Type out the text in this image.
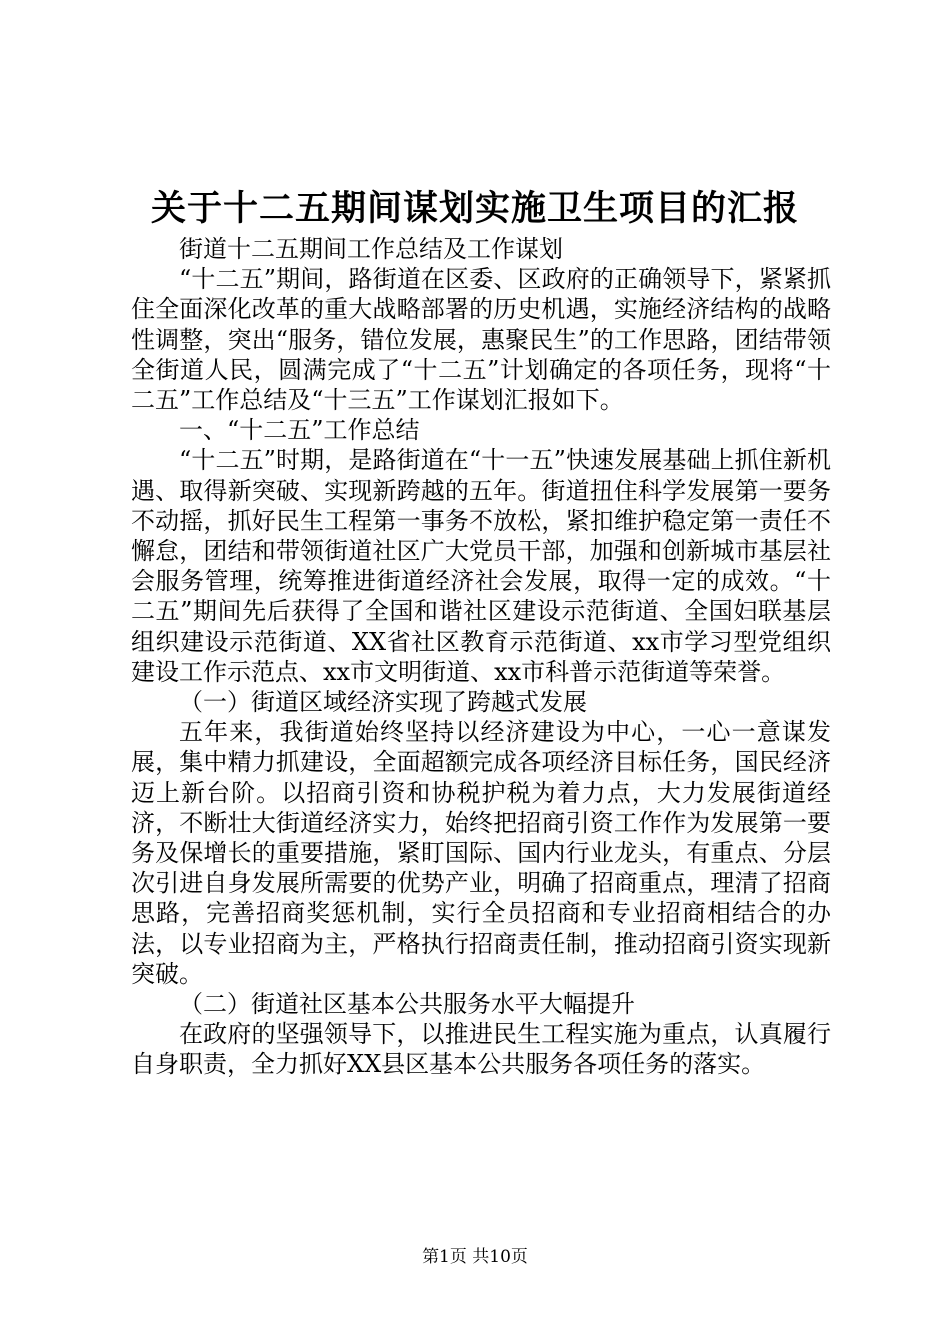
关于十二五期间谋划实施卫生项目的汇报

街道十二五期间工作总结及工作谋划

“十二五”期间，路街道在区委、区政府的正确领导下，紧紧抓住全面深化改革的重大战略部署的历史机遇，实施经济结构的战略性调整，突出“服务，错位发展，惠聚民生”的工作思路，团结带领全街道人民，圆满完成了“十二五”计划确定的各项任务，现将“十二五”工作总结及“十三五”工作谋划汇报如下。

一、“十二五”工作总结

“十二五”时期，是路街道在“十一五”快速发展基础上抓住新机遇、取得新突破、实现新跨越的五年。街道扭住科学发展第一要务不动摇，抓好民生工程第一事务不放松，紧扣维护稳定第一责任不懈怠，团结和带领街道社区广大党员干部，加强和创新城市基层社会服务管理，统筹推进街道经济社会发展，取得一定的成效。“十二五”期间先后获得了全国和谐社区建设示范街道、全国妇联基层组织建设示范街道、XX省社区教育示范街道、xx市学习型党组织建设工作示范点、xx市文明街道、xx市科普示范街道等荣誉。

（一）街道区域经济实现了跨越式发展

五年来，我街道始终坚持以经济建设为中心，一心一意谋发展，集中精力抓建设，全面超额完成各项经济目标任务，国民经济迈上新台阶。以招商引资和协税护税为着力点，大力发展街道经济，不断壮大街道经济实力，始终把招商引资工作作为发展第一要务及保增长的重要措施，紧盯国际、国内行业龙头，有重点、分层次引进自身发展所需要的优势产业，明确了招商重点，理清了招商思路，完善招商奖惩机制，实行全员招商和专业招商相结合的办法，以专业招商为主，严格执行招商责任制，推动招商引资实现新突破。

（二）街道社区基本公共服务水平大幅提升

在政府的坚强领导下，以推进民生工程实施为重点，认真履行自身职责，全力抓好XX县区基本公共服务各项任务的落实。

第1页 共10页
